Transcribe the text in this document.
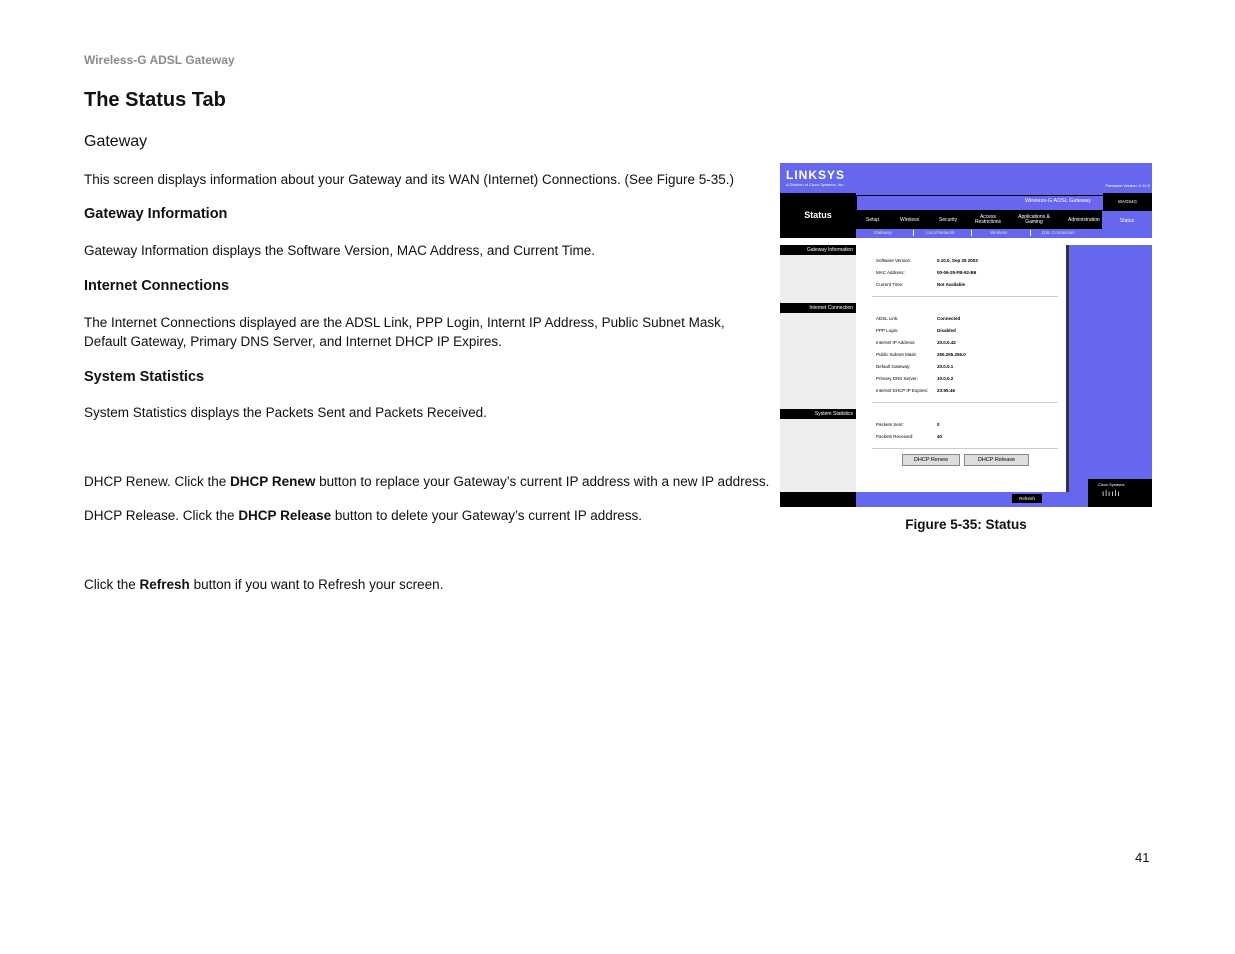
Wireless-G ADSL Gateway
The Status Tab
Gateway
This screen displays information about your Gateway and its WAN (Internet) Connections. (See Figure 5-35.)
Gateway Information
Gateway Information displays the Software Version, MAC Address, and Current Time.
Internet Connections
The Internet Connections displayed are the ADSL Link, PPP Login, Internt IP Address, Public Subnet Mask, Default Gateway, Primary DNS Server, and Internet DHCP IP Expires.
System Statistics
System Statistics displays the Packets Sent and Packets Received.
DHCP Renew. Click the DHCP Renew button to replace your Gateway’s current IP address with a new IP address.
DHCP Release. Click the DHCP Release button to delete your Gateway’s current IP address.
Click the Refresh button if you want to Refresh your screen.
LINKSYS
A Division of Cisco Systems, Inc.	Firmware Version: 0.10.0
Status
Wireless-G ADSL Gateway	WAG54G
Setup	Wireless	Security	Access Restrictions
Applications & Gaming	Administration	Status
Gateway	Local Network	Wireless	DSL Connection
Gateway Information
Internet Connection
System Statistics
Software Version:	0.10.0, Sep 25 2003
MAC Address:	00-06-25-FB-92-B6
Current Time:	Not Available
ADSL Link:	Connected
PPP Login:	Disabled
Internet IP Address:	20.0.0.42
Public Subnet Mask:	255.255.255.0
Default Gateway:	20.0.0.1
Primary DNS Server:	10.0.0.2
Internet DHCP IP Expires: 23:55:46
Packets Sent:	0
Packets Received:	40
DHCP Renew	DHCP Release
Cisco Systems
ılıılı
Refresh
Figure 5-35: Status
41
